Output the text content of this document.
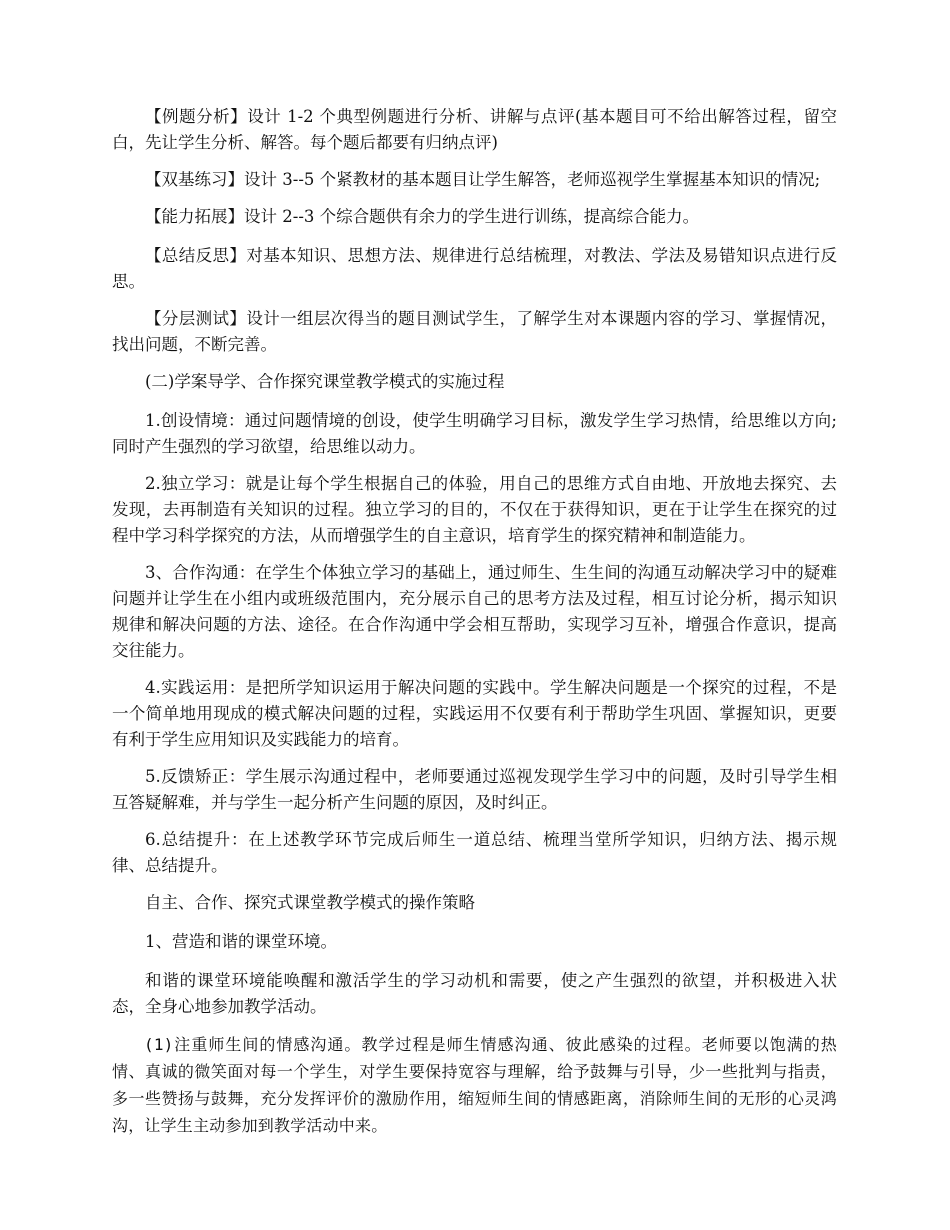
【例题分析】设计 1-2 个典型例题进行分析、讲解与点评(基本题目可不给出解答过程，留空白，先让学生分析、解答。每个题后都要有归纳点评)

【双基练习】设计 3--5 个紧教材的基本题目让学生解答，老师巡视学生掌握基本知识的情况;

【能力拓展】设计 2--3 个综合题供有余力的学生进行训练，提高综合能力。

【总结反思】对基本知识、思想方法、规律进行总结梳理，对教法、学法及易错知识点进行反思。

【分层测试】设计一组层次得当的题目测试学生，了解学生对本课题内容的学习、掌握情况，找出问题，不断完善。

(二)学案导学、合作探究课堂教学模式的实施过程

1.创设情境：通过问题情境的创设，使学生明确学习目标，激发学生学习热情，给思维以方向;同时产生强烈的学习欲望，给思维以动力。

2.独立学习：就是让每个学生根据自己的体验，用自己的思维方式自由地、开放地去探究、去发现，去再制造有关知识的过程。独立学习的目的，不仅在于获得知识，更在于让学生在探究的过程中学习科学探究的方法，从而增强学生的自主意识，培育学生的探究精神和制造能力。

3、合作沟通：在学生个体独立学习的基础上，通过师生、生生间的沟通互动解决学习中的疑难问题并让学生在小组内或班级范围内，充分展示自己的思考方法及过程，相互讨论分析，揭示知识规律和解决问题的方法、途径。在合作沟通中学会相互帮助，实现学习互补，增强合作意识，提高交往能力。

4.实践运用：是把所学知识运用于解决问题的实践中。学生解决问题是一个探究的过程，不是一个简单地用现成的模式解决问题的过程，实践运用不仅要有利于帮助学生巩固、掌握知识，更要有利于学生应用知识及实践能力的培育。

5.反馈矫正：学生展示沟通过程中，老师要通过巡视发现学生学习中的问题，及时引导学生相互答疑解难，并与学生一起分析产生问题的原因，及时纠正。

6.总结提升：在上述教学环节完成后师生一道总结、梳理当堂所学知识，归纳方法、揭示规律、总结提升。

自主、合作、探究式课堂教学模式的操作策略

1、营造和谐的课堂环境。

和谐的课堂环境能唤醒和激活学生的学习动机和需要，使之产生强烈的欲望，并积极进入状态，全身心地参加教学活动。

(1)注重师生间的情感沟通。教学过程是师生情感沟通、彼此感染的过程。老师要以饱满的热情、真诚的微笑面对每一个学生，对学生要保持宽容与理解，给予鼓舞与引导，少一些批判与指责，多一些赞扬与鼓舞，充分发挥评价的激励作用，缩短师生间的情感距离，消除师生间的无形的心灵鸿沟，让学生主动参加到教学活动中来。
